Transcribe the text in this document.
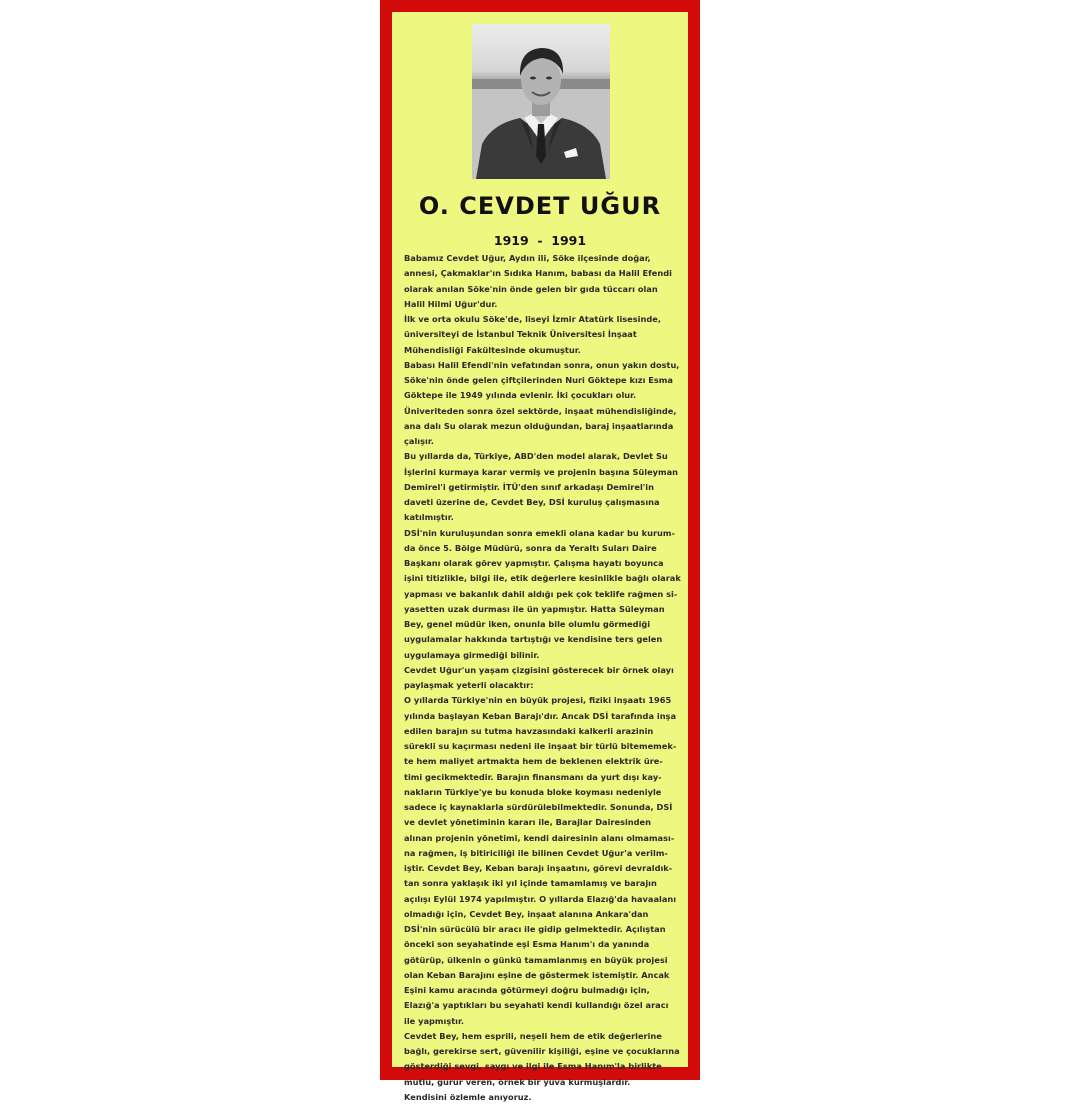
O. CEVDET UĞUR
1919  -  1991

Babamız Cevdet Uğur, Aydın ili, Söke ilçesinde doğar,

annesi, Çakmaklar'ın Sıdıka Hanım, babası da Halil Efendi

olarak anılan Söke'nin önde gelen bir gıda tüccarı olan

Halil Hilmi Uğur'dur.

İlk ve orta okulu Söke'de, liseyi İzmir Atatürk lisesinde,

üniversiteyi de İstanbul Teknik Üniversitesi İnşaat

Mühendisliği Fakültesinde okumuştur.

Babası Halil Efendi'nin vefatından sonra, onun yakın dostu,

Söke'nin önde gelen çiftçilerinden Nuri Göktepe kızı Esma

Göktepe ile 1949 yılında evlenir. İki çocukları olur.

Üniveriteden sonra özel sektörde, inşaat mühendisliğinde,

ana dalı Su olarak mezun olduğundan, baraj inşaatlarında

çalışır.

Bu yıllarda da, Türkiye, ABD'den model alarak, Devlet Su

İşlerini kurmaya karar vermiş ve projenin başına Süleyman

Demirel'i getirmiştir. İTÜ'den sınıf arkadaşı Demirel'in

daveti üzerine de, Cevdet Bey, DSİ kuruluş çalışmasına

katılmıştır.

DSİ'nin kuruluşundan sonra emekli olana kadar bu kurum-

da önce 5. Bölge Müdürü, sonra da Yeraltı Suları Daire

Başkanı olarak görev yapmıştır. Çalışma hayatı boyunca

işini titizlikle, bilgi ile, etik değerlere kesinlikle bağlı olarak

yapması ve bakanlık dahil aldığı pek çok teklife rağmen si-

yasetten uzak durması ile ün yapmıştır. Hatta Süleyman

Bey, genel müdür iken, onunla bile olumlu görmediği

uygulamalar hakkında tartıştığı ve kendisine ters gelen

uygulamaya girmediği bilinir.

Cevdet Uğur'un yaşam çizgisini gösterecek bir örnek olayı

paylaşmak yeterli olacaktır:

O yıllarda Türkiye'nin en büyük projesi, fiziki inşaatı 1965

yılında başlayan Keban Barajı'dır. Ancak DSİ tarafında inşa

edilen barajın su tutma havzasındaki kalkerli arazinin

sürekli su kaçırması nedeni ile inşaat bir türlü bitememek-

te hem maliyet artmakta hem de beklenen elektrik üre-

timi gecikmektedir. Barajın finansmanı da yurt dışı kay-

nakların Türkiye'ye bu konuda bloke koyması nedeniyle

sadece iç kaynaklarla sürdürülebilmektedir. Sonunda, DSİ

ve devlet yönetiminin kararı ile, Barajlar Dairesinden

alınan projenin yönetimi, kendi dairesinin alanı olmaması-

na rağmen, iş bitiriciliği ile bilinen Cevdet Uğur'a verilm-

iştir. Cevdet Bey, Keban barajı inşaatını, görevi devraldık-

tan sonra yaklaşık iki yıl içinde tamamlamış ve barajın

açılışı Eylül 1974 yapılmıştır. O yıllarda Elazığ'da havaalanı

olmadığı için, Cevdet Bey, inşaat alanına Ankara'dan

DSİ'nin sürücülü bir aracı ile gidip gelmektedir. Açılıştan

önceki son seyahatinde eşi Esma Hanım'ı da yanında

götürüp, ülkenin o günkü tamamlanmış en büyük projesi

olan Keban Barajını eşine de göstermek istemiştir. Ancak

Eşini kamu aracında götürmeyi doğru bulmadığı için,

Elazığ'a yaptıkları bu seyahati kendi kullandığı özel aracı

ile yapmıştır.

Cevdet Bey, hem esprili, neşeli hem de etik değerlerine

bağlı, gerekirse sert, güvenilir kişiliği, eşine ve çocuklarına

gösterdiği sevgi, saygı ve ilgi ile Esma Hanım'la birlikte

mutlu, gurur veren, örnek bir yuva kurmuşlardır.

Kendisini özlemle anıyoruz.
